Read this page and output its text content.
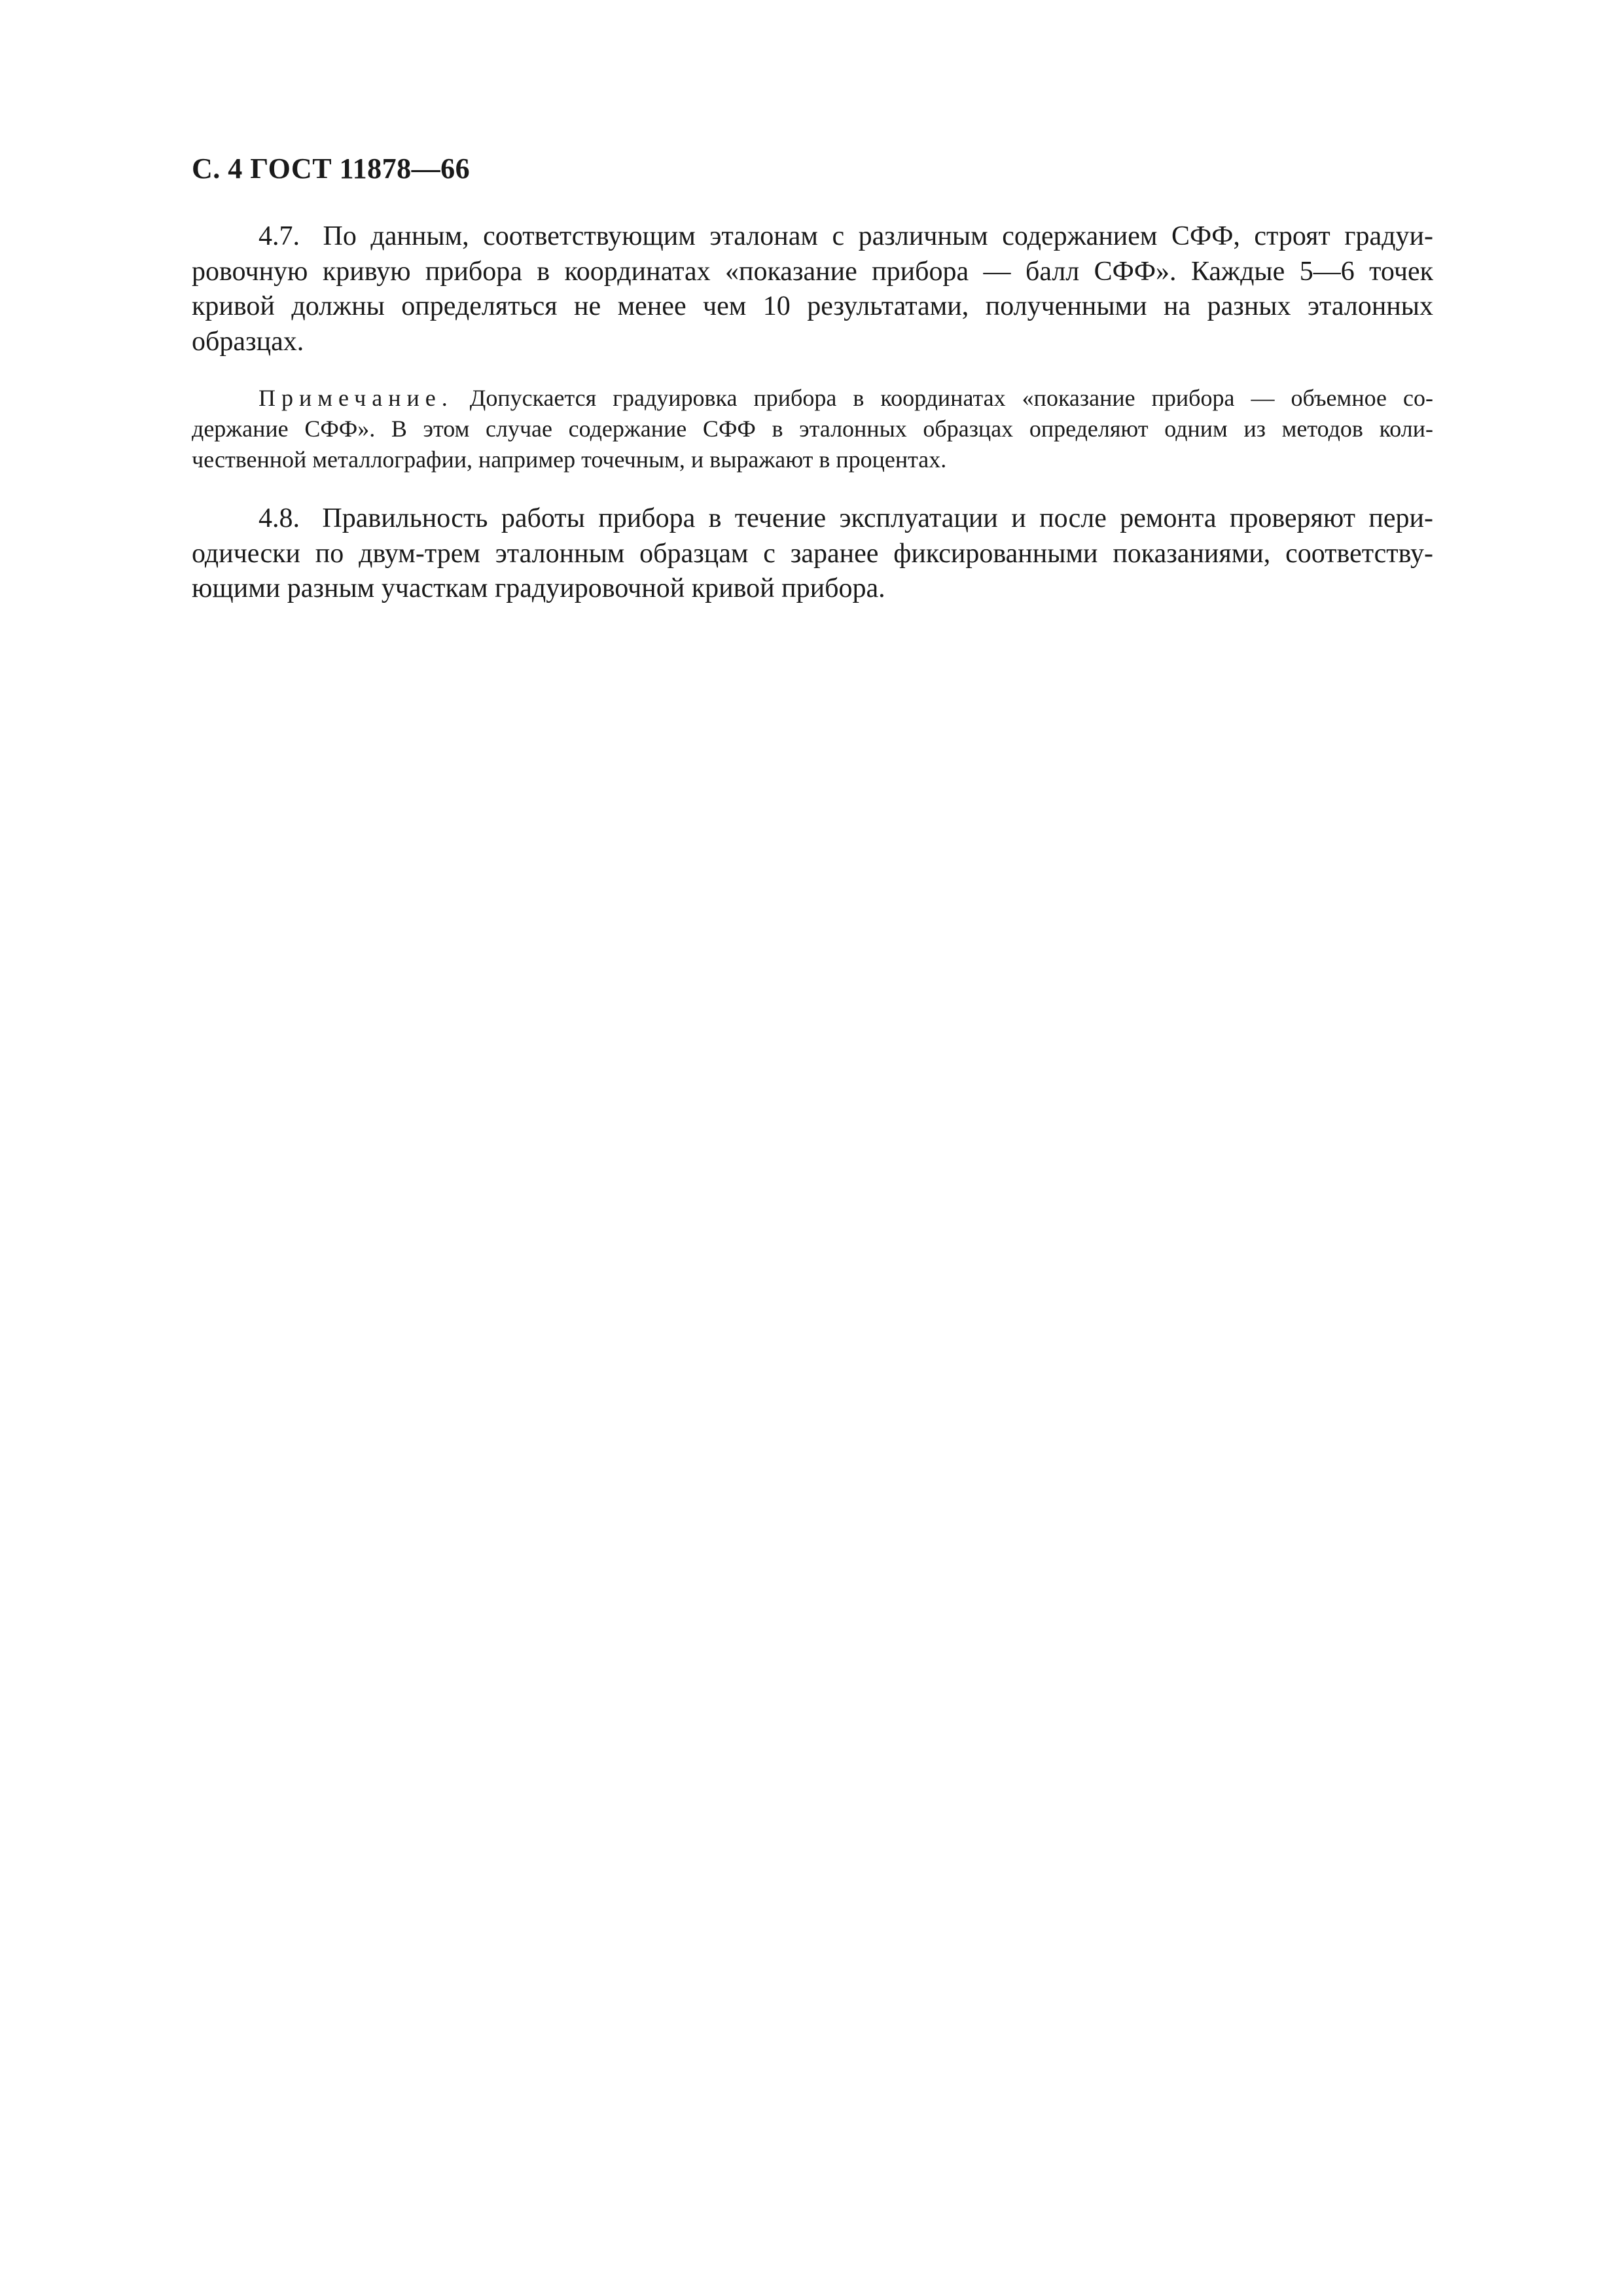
С. 4 ГОСТ 11878—66
4.7. По данным, соответствующим эталонам с различным содержанием СФФ, строят градуи-
ровочную кривую прибора в координатах «показание прибора — балл СФФ». Каждые 5—6 точек
кривой должны определяться не менее чем 10 результатами, полученными на разных эталонных
образцах.
Примечание. Допускается градуировка прибора в координатах «показание прибора — объемное со-
держание СФФ». В этом случае содержание СФФ в эталонных образцах определяют одним из методов коли-
чественной металлографии, например точечным, и выражают в процентах.
4.8. Правильность работы прибора в течение эксплуатации и после ремонта проверяют пери-
одически по двум-трем эталонным образцам с заранее фиксированными показаниями, соответству-
ющими разным участкам градуировочной кривой прибора.
